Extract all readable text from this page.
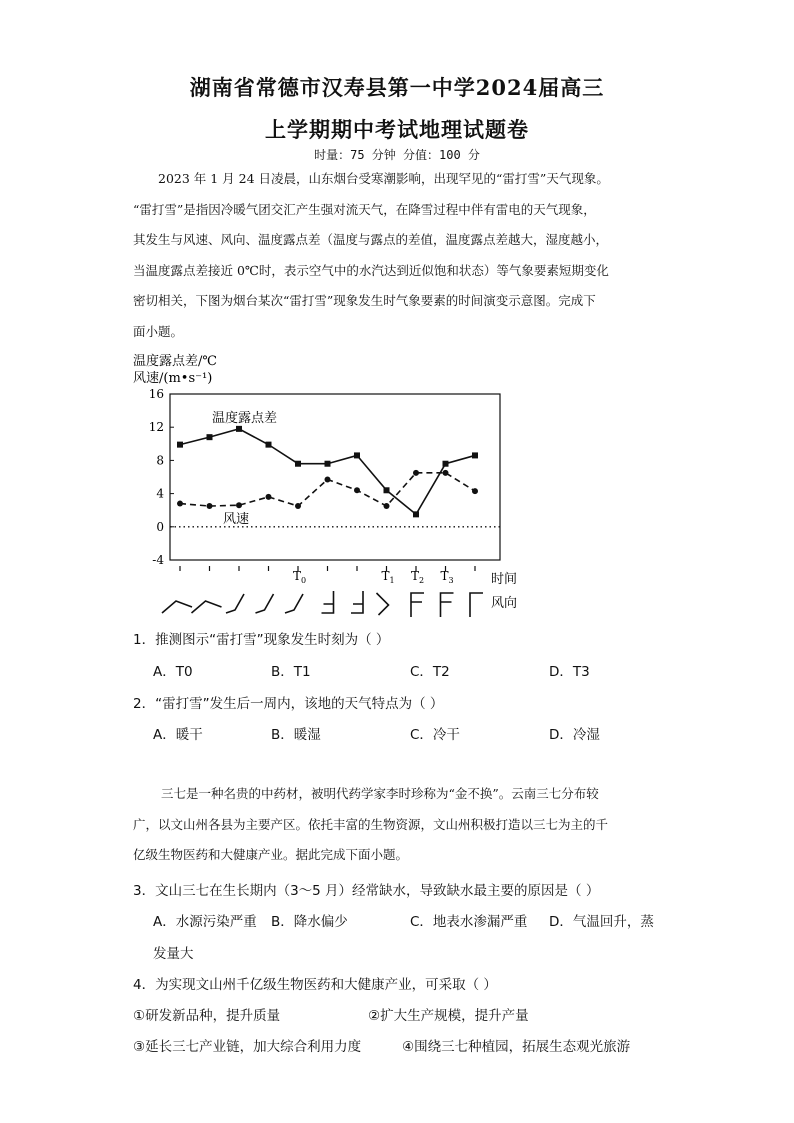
湖南省常德市汉寿县第一中学2024届高三
上学期期中考试地理试题卷
时量：75 分钟 分值：100 分
2023 年 1 月 24 日凌晨，山东烟台受寒潮影响，出现罕见的“雷打雪”天气现象。
“雷打雪”是指因冷暖气团交汇产生强对流天气，在降雪过程中伴有雷电的天气现象，
其发生与风速、风向、温度露点差（温度与露点的差值，温度露点差越大，湿度越小，
当温度露点差接近 0℃时，表示空气中的水汽达到近似饱和状态）等气象要素短期变化
密切相关，下图为烟台某次“雷打雪”现象发生时气象要素的时间演变示意图。完成下
面小题。
温度露点差/℃
风速/(m•s⁻¹)
-4
0
4
8
12
16
温度露点差
风速
$T_0$	$T_1$ $T_2$ $T_3$	时间
风向
1．推测图示“雷打雪”现象发生时刻为（ ）
A．T0	B．T1	C．T2	D．T3
2．“雷打雪”发生后一周内，该地的天气特点为（ ）
A．暖干	B．暖湿	C．冷干	D．冷湿
三七是一种名贵的中药材，被明代药学家李时珍称为“金不换”。云南三七分布较
广，以文山州各县为主要产区。依托丰富的生物资源，文山州积极打造以三七为主的千
亿级生物医药和大健康产业。据此完成下面小题。
3．文山三七在生长期内（3～5 月）经常缺水，导致缺水最主要的原因是（ ）
A．水源污染严重 B．降水偏少	C．地表水渗漏严重 D．气温回升，蒸
发量大
4．为实现文山州千亿级生物医药和大健康产业，可采取（ ）
①研发新品种，提升质量	②扩大生产规模，提升产量
③延长三七产业链，加大综合利用力度	④围绕三七种植园，拓展生态观光旅游
